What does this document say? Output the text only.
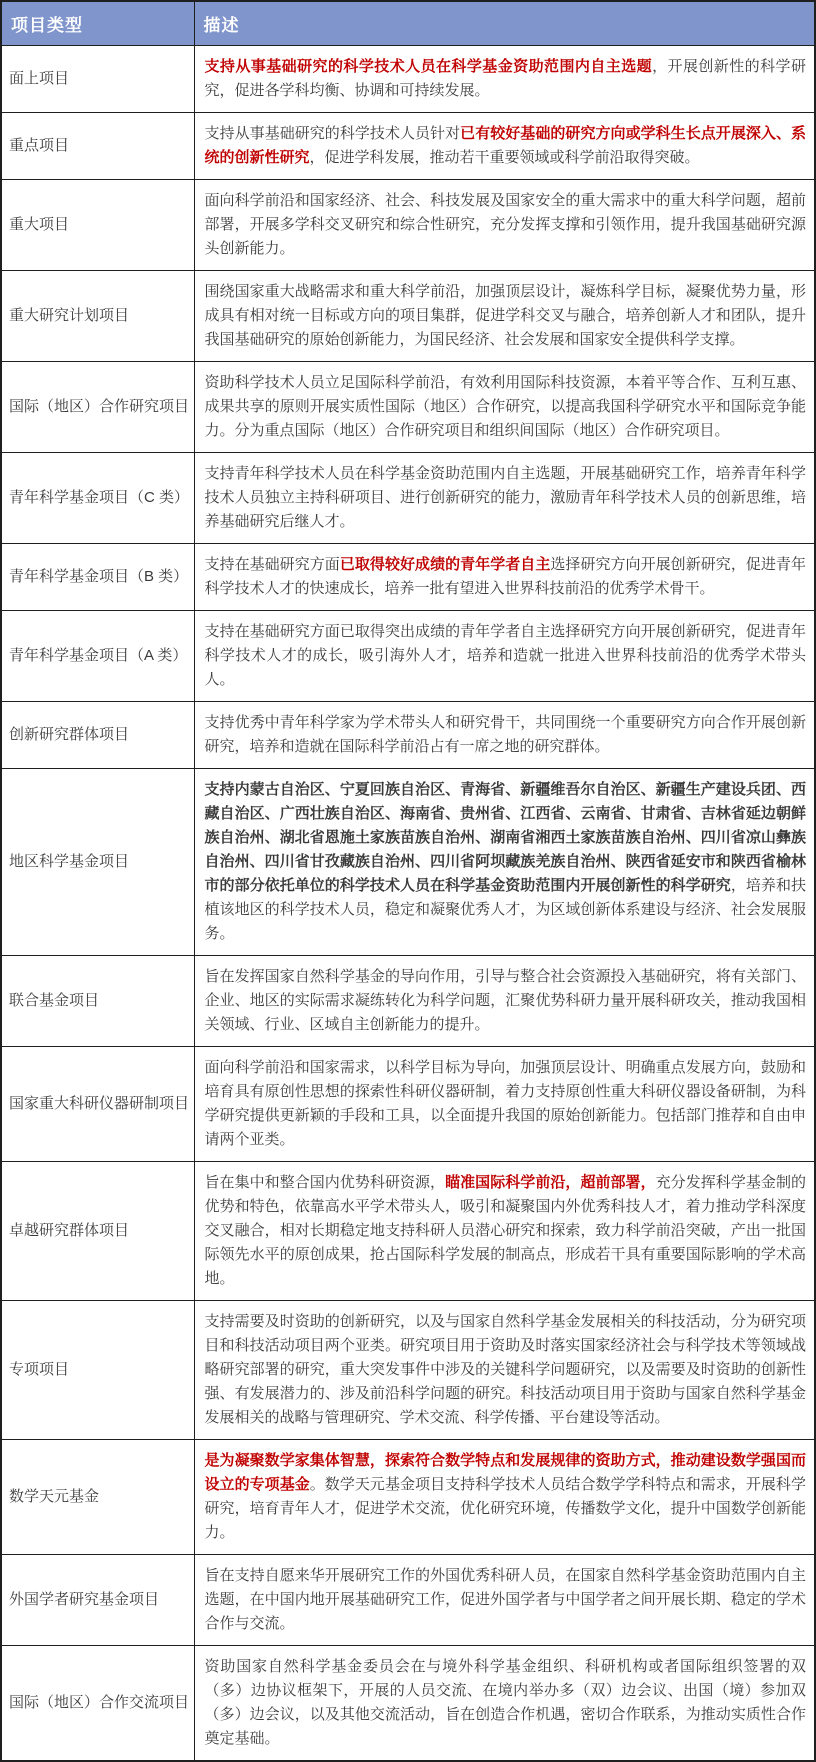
项目类型	描述
面上项目	支持从事基础研究的科学技术人员在科学基金资助范围内自主选题，开展创新性的科学研究，促进各学科均衡、协调和可持续发展。
重点项目	支持从事基础研究的科学技术人员针对已有较好基础的研究方向或学科生长点开展深入、系统的创新性研究，促进学科发展，推动若干重要领域或科学前沿取得突破。
重大项目	面向科学前沿和国家经济、社会、科技发展及国家安全的重大需求中的重大科学问题，超前部署，开展多学科交叉研究和综合性研究，充分发挥支撑和引领作用，提升我国基础研究源头创新能力。
重大研究计划项目	围绕国家重大战略需求和重大科学前沿，加强顶层设计，凝炼科学目标，凝聚优势力量，形成具有相对统一目标或方向的项目集群，促进学科交叉与融合，培养创新人才和团队，提升我国基础研究的原始创新能力，为国民经济、社会发展和国家安全提供科学支撑。
国际（地区）合作研究项目	资助科学技术人员立足国际科学前沿，有效利用国际科技资源，本着平等合作、互利互惠、成果共享的原则开展实质性国际（地区）合作研究，以提高我国科学研究水平和国际竞争能力。分为重点国际（地区）合作研究项目和组织间国际（地区）合作研究项目。
青年科学基金项目（C 类）	支持青年科学技术人员在科学基金资助范围内自主选题，开展基础研究工作，培养青年科学技术人员独立主持科研项目、进行创新研究的能力，激励青年科学技术人员的创新思维，培养基础研究后继人才。
青年科学基金项目（B 类）	支持在基础研究方面已取得较好成绩的青年学者自主选择研究方向开展创新研究，促进青年科学技术人才的快速成长，培养一批有望进入世界科技前沿的优秀学术骨干。
青年科学基金项目（A 类）	支持在基础研究方面已取得突出成绩的青年学者自主选择研究方向开展创新研究，促进青年科学技术人才的成长，吸引海外人才，培养和造就一批进入世界科技前沿的优秀学术带头人。
创新研究群体项目	支持优秀中青年科学家为学术带头人和研究骨干，共同围绕一个重要研究方向合作开展创新研究，培养和造就在国际科学前沿占有一席之地的研究群体。
地区科学基金项目	支持内蒙古自治区、宁夏回族自治区、青海省、新疆维吾尔自治区、新疆生产建设兵团、西藏自治区、广西壮族自治区、海南省、贵州省、江西省、云南省、甘肃省、吉林省延边朝鲜族自治州、湖北省恩施土家族苗族自治州、湖南省湘西土家族苗族自治州、四川省凉山彝族自治州、四川省甘孜藏族自治州、四川省阿坝藏族羌族自治州、陕西省延安市和陕西省榆林市的部分依托单位的科学技术人员在科学基金资助范围内开展创新性的科学研究，培养和扶植该地区的科学技术人员，稳定和凝聚优秀人才，为区域创新体系建设与经济、社会发展服务。
联合基金项目	旨在发挥国家自然科学基金的导向作用，引导与整合社会资源投入基础研究，将有关部门、企业、地区的实际需求凝练转化为科学问题，汇聚优势科研力量开展科研攻关，推动我国相关领域、行业、区域自主创新能力的提升。
国家重大科研仪器研制项目	面向科学前沿和国家需求，以科学目标为导向，加强顶层设计、明确重点发展方向，鼓励和培育具有原创性思想的探索性科研仪器研制，着力支持原创性重大科研仪器设备研制，为科学研究提供更新颖的手段和工具，以全面提升我国的原始创新能力。包括部门推荐和自由申请两个亚类。
卓越研究群体项目	旨在集中和整合国内优势科研资源，瞄准国际科学前沿，超前部署，充分发挥科学基金制的优势和特色，依靠高水平学术带头人，吸引和凝聚国内外优秀科技人才，着力推动学科深度交叉融合，相对长期稳定地支持科研人员潜心研究和探索，致力科学前沿突破，产出一批国际领先水平的原创成果，抢占国际科学发展的制高点，形成若干具有重要国际影响的学术高地。
专项项目	支持需要及时资助的创新研究，以及与国家自然科学基金发展相关的科技活动，分为研究项目和科技活动项目两个亚类。研究项目用于资助及时落实国家经济社会与科学技术等领域战略研究部署的研究，重大突发事件中涉及的关键科学问题研究，以及需要及时资助的创新性强、有发展潜力的、涉及前沿科学问题的研究。科技活动项目用于资助与国家自然科学基金发展相关的战略与管理研究、学术交流、科学传播、平台建设等活动。
数学天元基金	是为凝聚数学家集体智慧，探索符合数学特点和发展规律的资助方式，推动建设数学强国而设立的专项基金。数学天元基金项目支持科学技术人员结合数学学科特点和需求，开展科学研究，培育青年人才，促进学术交流，优化研究环境，传播数学文化，提升中国数学创新能力。
外国学者研究基金项目	旨在支持自愿来华开展研究工作的外国优秀科研人员，在国家自然科学基金资助范围内自主选题，在中国内地开展基础研究工作，促进外国学者与中国学者之间开展长期、稳定的学术合作与交流。
国际（地区）合作交流项目	资助国家自然科学基金委员会在与境外科学基金组织、科研机构或者国际组织签署的双（多）边协议框架下，开展的人员交流、在境内举办多（双）边会议、出国（境）参加双（多）边会议，以及其他交流活动，旨在创造合作机遇，密切合作联系，为推动实质性合作奠定基础。
